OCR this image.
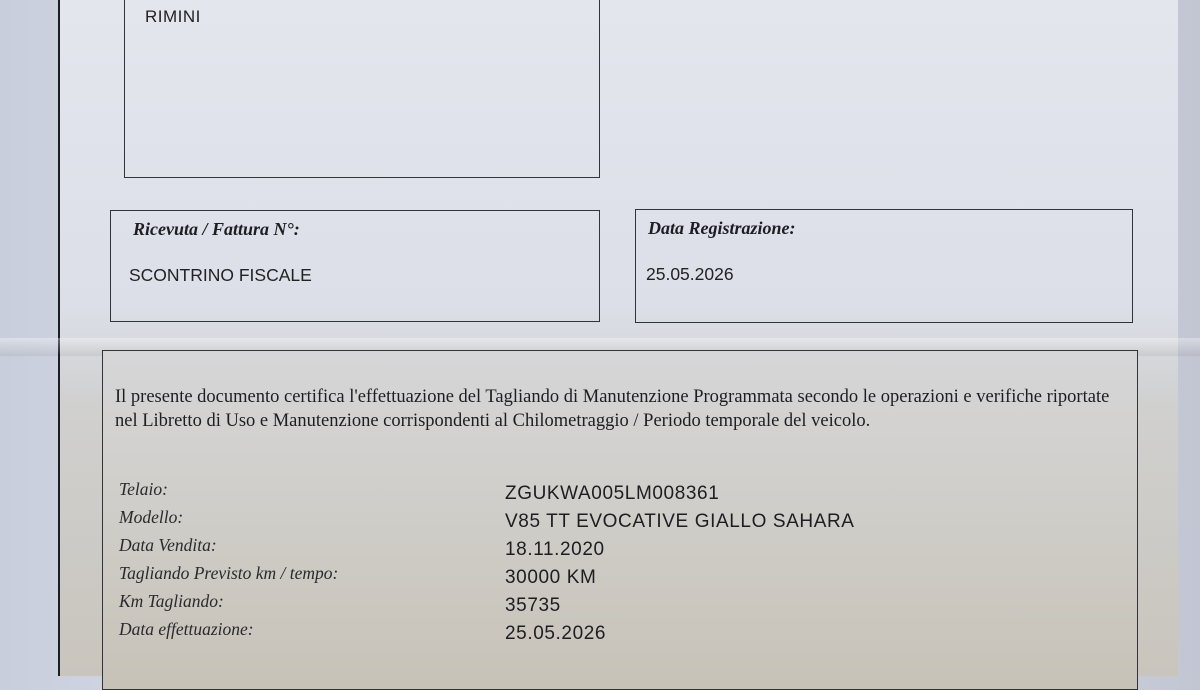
RIMINI
Ricevuta / Fattura N°:
SCONTRINO FISCALE
Data Registrazione:
25.05.2026
Il presente documento certifica l'effettuazione del Tagliando di Manutenzione Programmata secondo le operazioni e verifiche riportate nel Libretto di Uso e Manutenzione corrispondenti al Chilometraggio / Periodo temporale del veicolo.
Telaio:	ZGUKWA005LM008361
Modello:	V85 TT EVOCATIVE GIALLO SAHARA
Data Vendita:	18.11.2020
Tagliando Previsto km / tempo:	30000 KM
Km Tagliando:	35735
Data effettuazione:	25.05.2026
